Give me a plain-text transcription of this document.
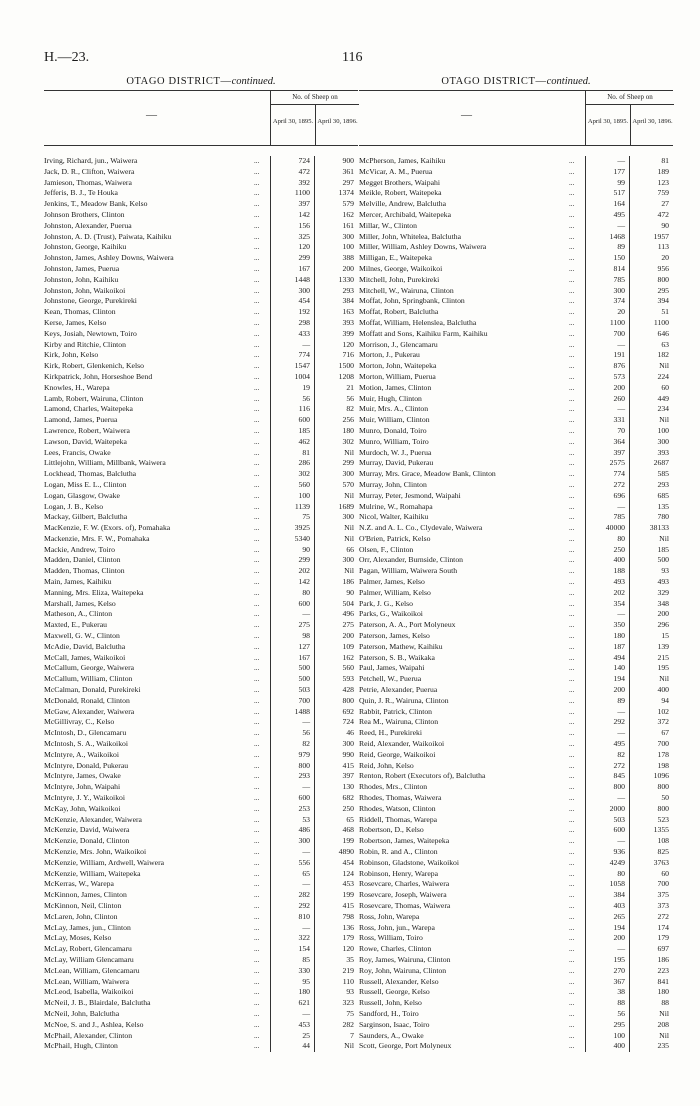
H.—23.	116
OTAGO DISTRICT—continued.
—
No. of Sheep on
April 30, 1895. April 30, 1896.
Irving, Richard, jun., Waiwera	...	724	900
Jack, D. R., Clifton, Waiwera	...	472	361
Jamieson, Thomas, Waiwera	...	392	297
Jefferis, B. J., Te Houka	...	1100	1374
Jenkins, T., Meadow Bank, Kelso	...	397	579
Johnson Brothers, Clinton	...	142	162
Johnston, Alexander, Puerua	...	156	161
Johnston, A. D. (Trust), Paiwata, Kaihiku	...	325	300
Johnston, George, Kaihiku	...	120	100
Johnston, James, Ashley Downs, Waiwera	...	299	388
Johnston, James, Puerua	...	167	200
Johnston, John, Kaihiku	...	1448	1330
Johnston, John, Waikoikoi	...	300	293
Johnstone, George, Purekireki	...	454	384
Kean, Thomas, Clinton	...	192	163
Kerse, James, Kelso	...	298	393
Keys, Josiah, Newtown, Toiro	...	433	399
Kirby and Ritchie, Clinton	...	—	120
Kirk, John, Kelso	...	774	716
Kirk, Robert, Glenkenich, Kelso	...	1547	1500
Kirkpatrick, John, Horseshoe Bend	...	1004	1208
Knowles, H., Warepa	...	19	21
Lamb, Robert, Wairuna, Clinton	...	56	56
Lamond, Charles, Waitepeka	...	116	82
Lamond, James, Puerua	...	600	256
Lawrence, Robert, Waiwera	...	185	180
Lawson, David, Waitepeka	...	462	302
Lees, Francis, Owake	...	81	Nil
Littlejohn, William, Millbank, Waiwera	...	286	299
Lockhead, Thomas, Balclutha	...	302	300
Logan, Miss E. L., Clinton	...	560	570
Logan, Glasgow, Owake	...	100	Nil
Logan, J. B., Kelso	...	1139	1689
Mackay, Gilbert, Balclutha	...	75	300
MacKenzie, F. W. (Exors. of), Pomahaka	...	3925	Nil
Mackenzie, Mrs. F. W., Pomahaka	...	5340	Nil
Mackie, Andrew, Toiro	...	90	66
Madden, Daniel, Clinton	...	299	300
Madden, Thomas, Clinton	...	202	Nil
Main, James, Kaihiku	...	142	186
Manning, Mrs. Eliza, Waitepeka	...	80	90
Marshall, James, Kelso	...	600	504
Matheson, A., Clinton	...	—	496
Maxted, E., Pukerau	...	275	275
Maxwell, G. W., Clinton	...	98	200
McAdie, David, Balclutha	...	127	109
McCall, James, Waikoikoi	...	167	162
McCallum, George, Waiwera	...	500	560
McCallum, William, Clinton	...	500	593
McCalman, Donald, Purekireki	...	503	428
McDonald, Ronald, Clinton	...	700	800
McGaw, Alexander, Waiwera	...	1488	692
McGillivray, C., Kelso	...	—	724
McIntosh, D., Glencamaru	...	56	46
McIntosh, S. A., Waikoikoi	...	82	300
McIntyre, A., Waikoikoi	...	979	990
McIntyre, Donald, Pukerau	...	800	415
McIntyre, James, Owake	...	293	397
McIntyre, John, Waipahi	...	—	130
McIntyre, J. Y., Waikoikoi	...	600	682
McKay, John, Waikoikoi	...	253	250
McKenzie, Alexander, Waiwera	...	53	65
McKenzie, David, Waiwera	...	486	468
McKenzie, Donald, Clinton	...	300	199
McKenzie, Mrs. John, Waikoikoi	...	—	4890
McKenzie, William, Ardwell, Waiwera	...	556	454
McKenzie, William, Waitepeka	...	65	124
McKerras, W., Warepa	...	—	453
McKinnon, James, Clinton	...	282	199
McKinnon, Neil, Clinton	...	292	415
McLaren, John, Clinton	...	810	798
McLay, James, jun., Clinton	...	—	136
McLay, Moses, Kelso	...	322	179
McLay, Robert, Glencamaru	...	154	120
McLay, William Glencamaru	...	85	35
McLean, William, Glencamaru	...	330	219
McLean, William, Waiwera	...	95	110
McLeod, Isabella, Waikoikoi	...	180	93
McNeil, J. B., Blairdale, Balclutha	...	621	323
McNeil, John, Balclutha	...	—	75
McNoe, S. and J., Ashlea, Kelso	...	453	282
McPhail, Alexander, Clinton	...	25	7
McPhail, Hugh, Clinton	...	44	Nil
OTAGO DISTRICT—continued.
—
No. of Sheep on
April 30, 1895. April 30, 1896.
McPherson, James, Kaihiku	...	—	81
McVicar, A. M., Puerua	...	177	189
Megget Brothers, Waipahi	...	99	123
Meikle, Robert, Waitepeka	...	517	759
Melville, Andrew, Balclutha	...	164	27
Mercer, Archibald, Waitepeka	...	495	472
Millar, W., Clinton	...	—	90
Miller, John, Whitelea, Balclutha	...	1468	1957
Miller, William, Ashley Downs, Waiwera	...	89	113
Milligan, E., Waitepeka	...	150	20
Milnes, George, Waikoikoi	...	814	956
Mitchell, John, Purekireki	...	785	800
Mitchell, W., Wairuna, Clinton	...	300	295
Moffat, John, Springbank, Clinton	...	374	394
Moffat, Robert, Balclutha	...	20	51
Moffat, William, Helenslea, Balclutha	...	1100	1100
Moffatt and Sons, Kaihiku Farm, Kaihiku	...	700	646
Morrison, J., Glencamaru	...	—	63
Morton, J., Pukerau	...	191	182
Morton, John, Waitepeka	...	876	Nil
Morton, William, Puerua	...	573	224
Motion, James, Clinton	...	200	60
Muir, Hugh, Clinton	...	260	449
Muir, Mrs. A., Clinton	...	—	234
Muir, William, Clinton	...	331	Nil
Munro, Donald, Toiro	...	70	100
Munro, William, Toiro	...	364	300
Murdoch, W. J., Puerua	...	397	393
Murray, David, Pukerau	...	2575	2687
Murray, Mrs. Grace, Meadow Bank, Clinton	...	774	585
Murray, John, Clinton	...	272	293
Murray, Peter, Jesmond, Waipahi	...	696	685
Mulrine, W., Romahapa	...	—	135
Nicol, Walter, Kaihiku	...	785	780
N.Z. and A. L. Co., Clydevale, Waiwera	...	40000	38133
O'Brien, Patrick, Kelso	...	80	Nil
Olsen, F., Clinton	...	250	185
Orr, Alexander, Burnside, Clinton	...	400	500
Pagan, William, Waiwera South	...	188	93
Palmer, James, Kelso	...	493	493
Palmer, William, Kelso	...	202	329
Park, J. G., Kelso	...	354	348
Parks, G., Waikoikoi	...	—	200
Paterson, A. A., Port Molyneux	...	350	296
Paterson, James, Kelso	...	180	15
Paterson, Mathew, Kaihiku	...	187	139
Paterson, S. B., Waikaka	...	494	215
Paul, James, Waipahi	...	140	195
Petchell, W., Puerua	...	194	Nil
Petrie, Alexander, Puerua	...	200	400
Quin, J. R., Wairuna, Clinton	...	89	94
Rabbit, Patrick, Clinton	...	—	102
Rea M., Wairuna, Clinton	...	292	372
Reed, H., Purekireki	...	—	67
Reid, Alexander, Waikoikoi	...	495	700
Reid, George, Waikoikoi	...	82	178
Reid, John, Kelso	...	272	198
Renton, Robert (Executors of), Balclutha	...	845	1096
Rhodes, Mrs., Clinton	...	800	800
Rhodes, Thomas, Waiwera	...	—	50
Rhodes, Watson, Clinton	...	2000	800
Riddell, Thomas, Warepa	...	503	523
Robertson, D., Kelso	...	600	1355
Robertson, James, Waitepeka	...	—	108
Robin, R. and A., Clinton	...	936	825
Robinson, Gladstone, Waikoikoi	...	4249	3763
Robinson, Henry, Warepa	...	80	60
Rosevcare, Charles, Waiwera	...	1058	700
Rosevcare, Joseph, Waiwera	...	384	375
Rosevcare, Thomas, Waiwera	...	403	373
Ross, John, Warepa	...	265	272
Ross, John, jun., Warepa	...	194	174
Ross, William, Toiro	...	200	179
Rowe, Charles, Clinton	...	—	697
Roy, James, Wairuna, Clinton	...	195	186
Roy, John, Wairuna, Clinton	...	270	223
Russell, Alexander, Kelso	...	367	841
Russell, George, Kelso	...	38	180
Russell, John, Kelso	...	88	88
Sandford, H., Toiro	...	56	Nil
Sarginson, Isaac, Toiro	...	295	208
Saunders, A., Owake	...	100	Nil
Scott, George, Port Molyneux	...	400	235
